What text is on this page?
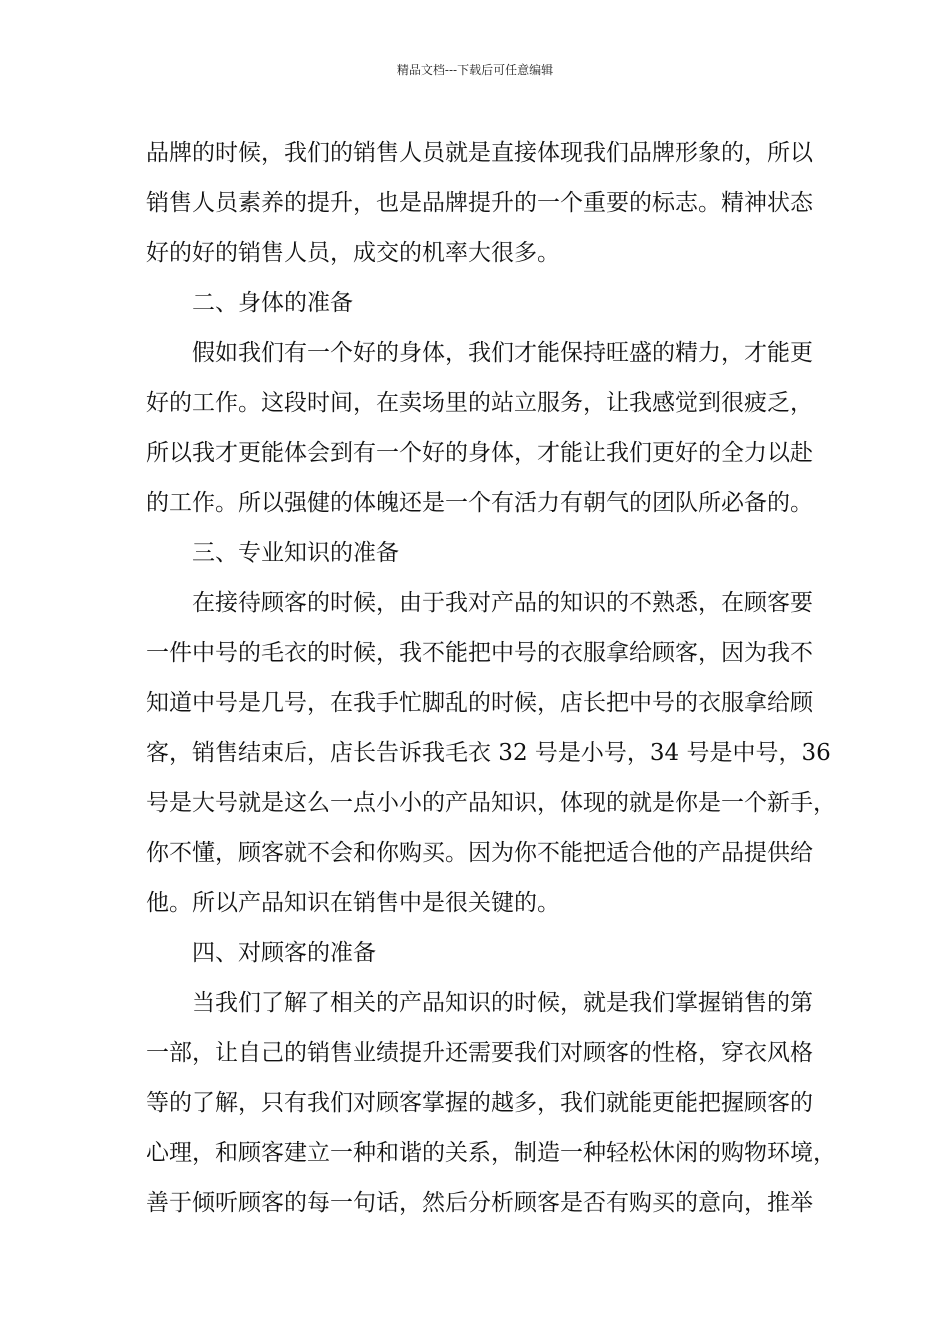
精品文档---下载后可任意编辑
品牌的时候，我们的销售人员就是直接体现我们品牌形象的，所以
销售人员素养的提升，也是品牌提升的一个重要的标志。精神状态
好的好的销售人员，成交的机率大很多。
二、身体的准备
假如我们有一个好的身体，我们才能保持旺盛的精力，才能更
好的工作。这段时间，在卖场里的站立服务，让我感觉到很疲乏，
所以我才更能体会到有一个好的身体，才能让我们更好的全力以赴
的工作。所以强健的体魄还是一个有活力有朝气的团队所必备的。
三、专业知识的准备
在接待顾客的时候，由于我对产品的知识的不熟悉，在顾客要
一件中号的毛衣的时候，我不能把中号的衣服拿给顾客，因为我不
知道中号是几号，在我手忙脚乱的时候，店长把中号的衣服拿给顾
客，销售结束后，店长告诉我毛衣 32 号是小号，34 号是中号，36
号是大号就是这么一点小小的产品知识，体现的就是你是一个新手，
你不懂，顾客就不会和你购买。因为你不能把适合他的产品提供给
他。所以产品知识在销售中是很关键的。
四、对顾客的准备
当我们了解了相关的产品知识的时候，就是我们掌握销售的第
一部，让自己的销售业绩提升还需要我们对顾客的性格，穿衣风格
等的了解，只有我们对顾客掌握的越多，我们就能更能把握顾客的
心理，和顾客建立一种和谐的关系，制造一种轻松休闲的购物环境，
善于倾听顾客的每一句话，然后分析顾客是否有购买的意向，推举
